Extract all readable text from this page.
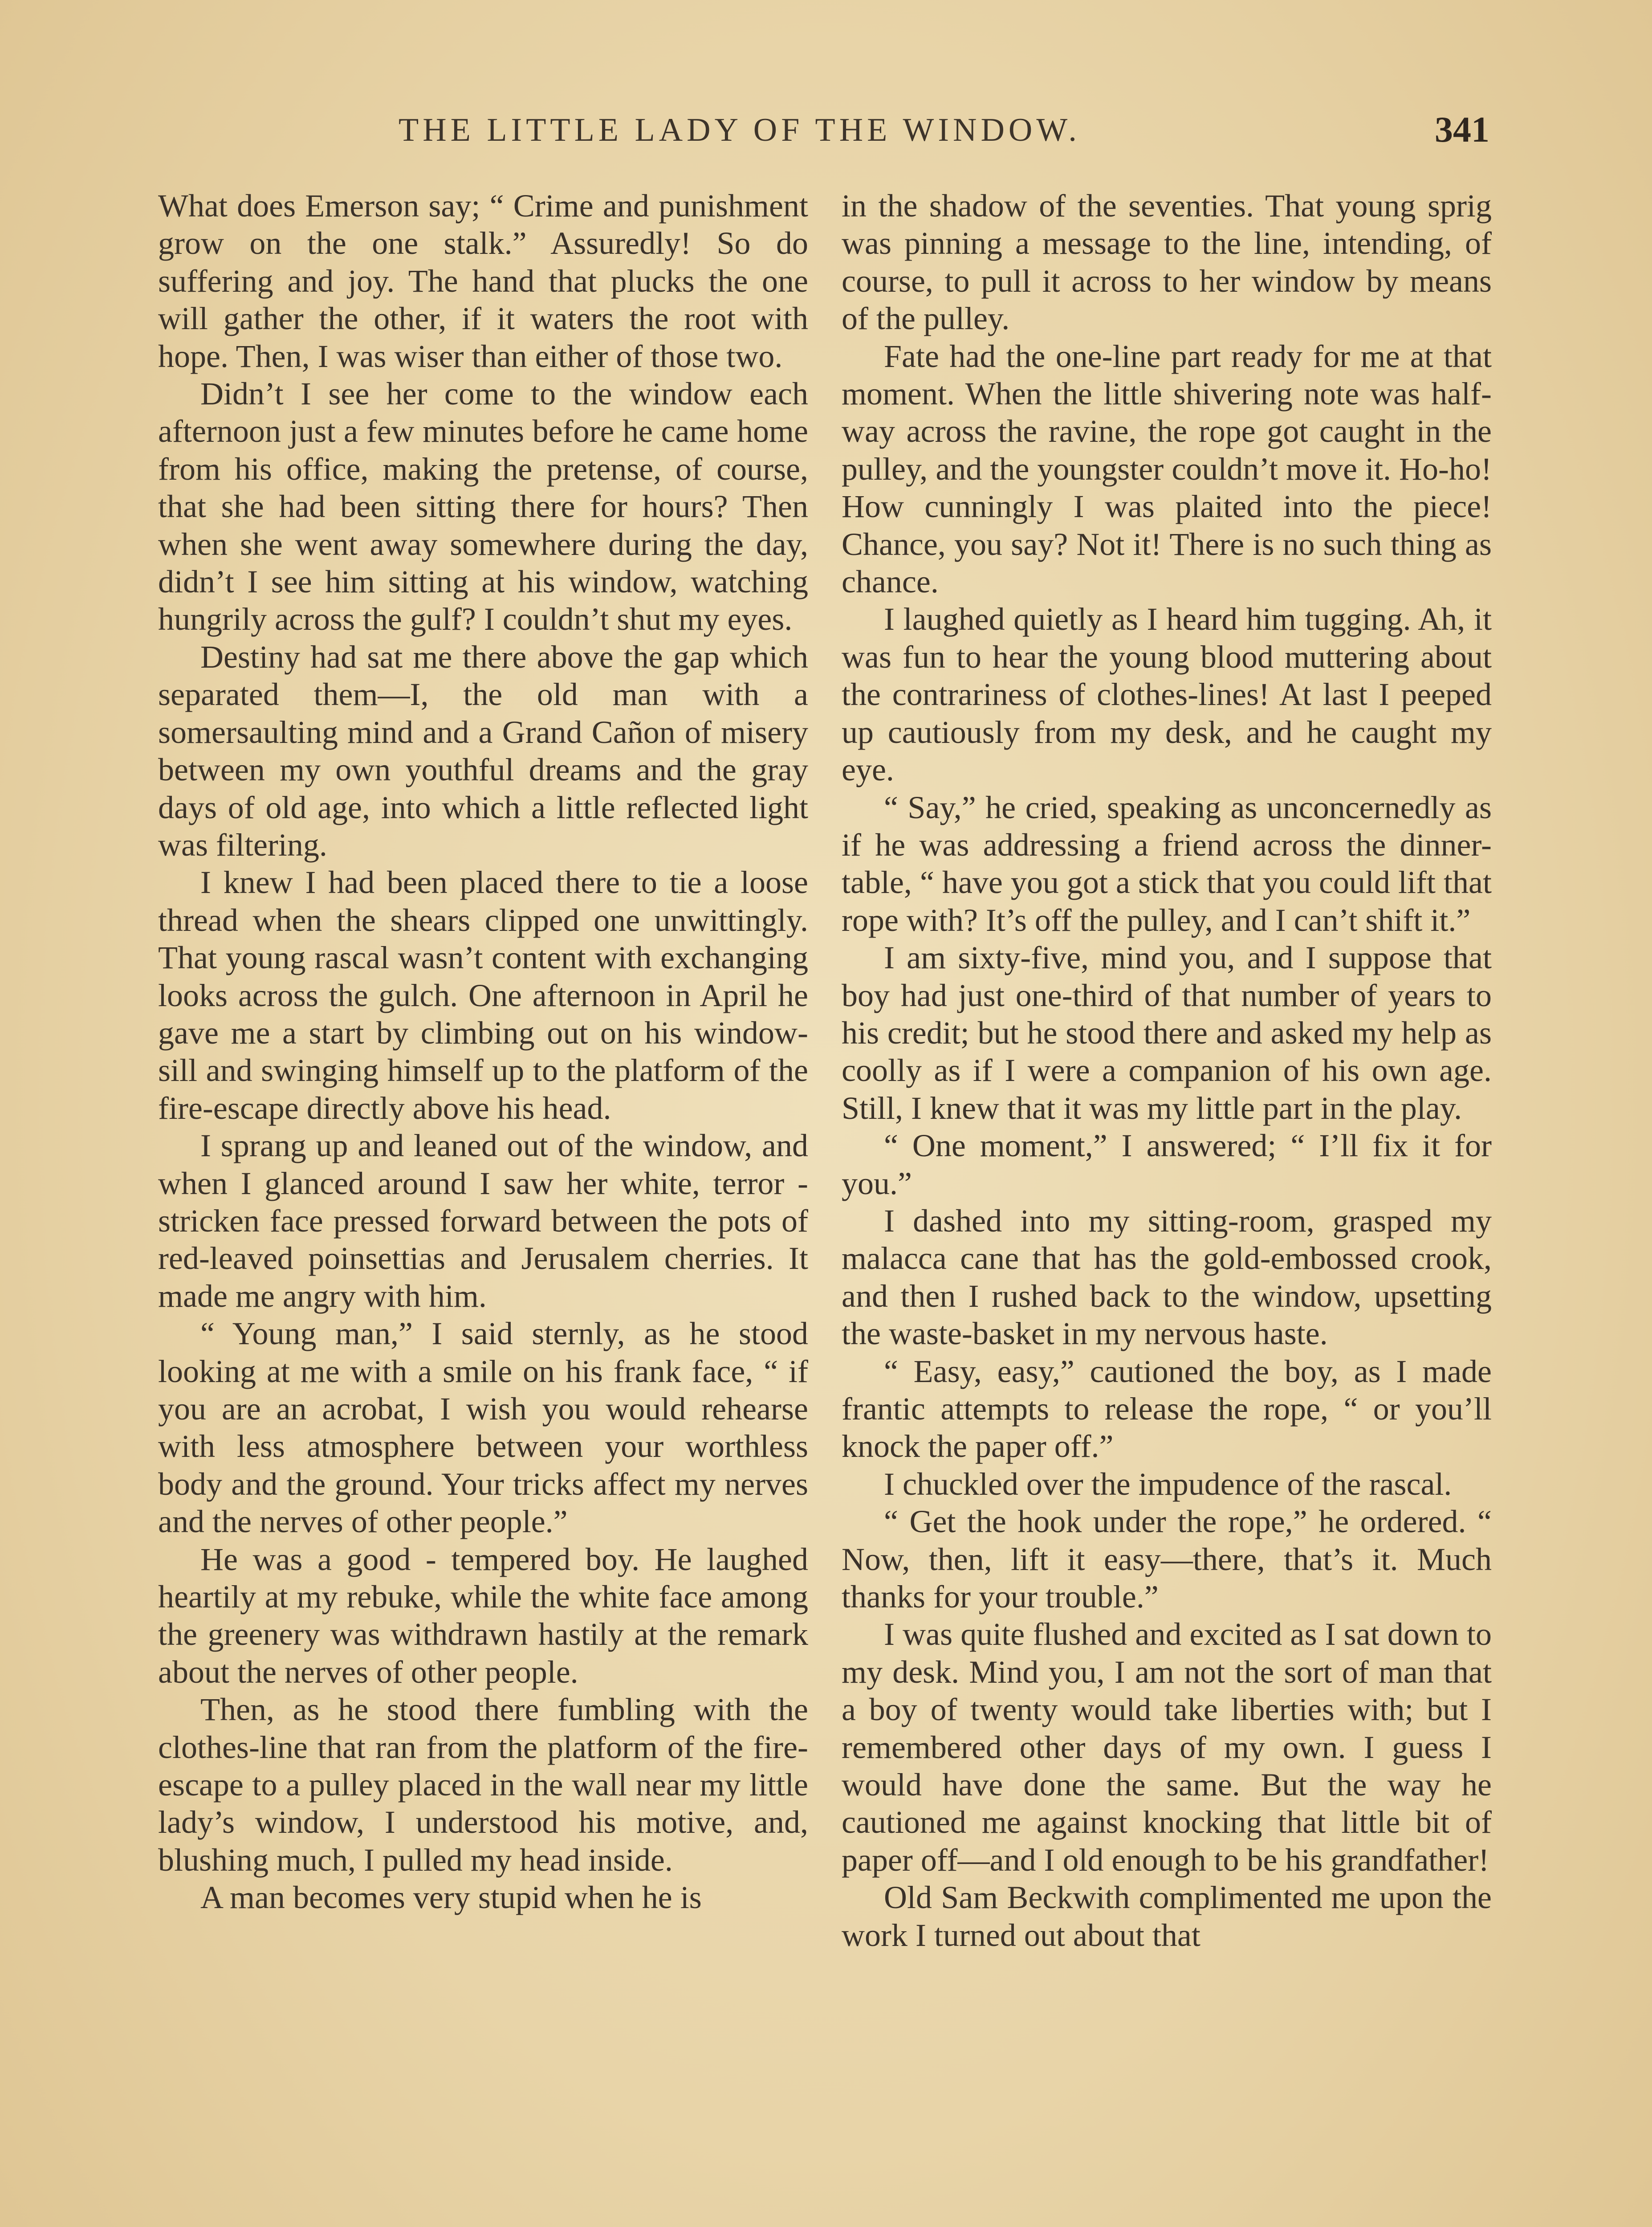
THE LITTLE LADY OF THE WINDOW.	341

What does Emerson say; “ Crime and punishment grow on the one stalk.” Assuredly! So do suffering and joy. The hand that plucks the one will gather the other, if it waters the root with hope. Then, I was wiser than either of those two.

Didn’t I see her come to the window each afternoon just a few minutes before he came home from his office, making the pretense, of course, that she had been sitting there for hours? Then when she went away somewhere during the day, didn’t I see him sitting at his window, watching hungrily across the gulf? I couldn’t shut my eyes.

Destiny had sat me there above the gap which separated them—I, the old man with a somersaulting mind and a Grand Cañon of misery between my own youthful dreams and the gray days of old age, into which a little reflected light was filtering.

I knew I had been placed there to tie a loose thread when the shears clipped one unwittingly. That young rascal wasn’t content with exchanging looks across the gulch. One afternoon in April he gave me a start by climbing out on his window-sill and swinging himself up to the platform of the fire-escape directly above his head.

I sprang up and leaned out of the window, and when I glanced around I saw her white, terror - stricken face pressed forward between the pots of red-leaved poinsettias and Jerusalem cherries. It made me angry with him.

“ Young man,” I said sternly, as he stood looking at me with a smile on his frank face, “ if you are an acrobat, I wish you would rehearse with less atmosphere between your worthless body and the ground. Your tricks affect my nerves and the nerves of other people.”

He was a good - tempered boy. He laughed heartily at my rebuke, while the white face among the greenery was withdrawn hastily at the remark about the nerves of other people.

Then, as he stood there fumbling with the clothes-line that ran from the platform of the fire-escape to a pulley placed in the wall near my little lady’s window, I understood his motive, and, blushing much, I pulled my head inside.

A man becomes very stupid when he is

in the shadow of the seventies. That young sprig was pinning a message to the line, intending, of course, to pull it across to her window by means of the pulley.

Fate had the one-line part ready for me at that moment. When the little shivering note was half-way across the ravine, the rope got caught in the pulley, and the youngster couldn’t move it. Ho-ho! How cunningly I was plaited into the piece! Chance, you say? Not it! There is no such thing as chance.

I laughed quietly as I heard him tugging. Ah, it was fun to hear the young blood muttering about the contrariness of clothes-lines! At last I peeped up cautiously from my desk, and he caught my eye.

“ Say,” he cried, speaking as unconcernedly as if he was addressing a friend across the dinner-table, “ have you got a stick that you could lift that rope with? It’s off the pulley, and I can’t shift it.”

I am sixty-five, mind you, and I suppose that boy had just one-third of that number of years to his credit; but he stood there and asked my help as coolly as if I were a companion of his own age. Still, I knew that it was my little part in the play.

“ One moment,” I answered; “ I’ll fix it for you.”

I dashed into my sitting-room, grasped my malacca cane that has the gold-embossed crook, and then I rushed back to the window, upsetting the waste-basket in my nervous haste.

“ Easy, easy,” cautioned the boy, as I made frantic attempts to release the rope, “ or you’ll knock the paper off.”

I chuckled over the impudence of the rascal.

“ Get the hook under the rope,” he ordered. “ Now, then, lift it easy—there, that’s it. Much thanks for your trouble.”

I was quite flushed and excited as I sat down to my desk. Mind you, I am not the sort of man that a boy of twenty would take liberties with; but I remembered other days of my own. I guess I would have done the same. But the way he cautioned me against knocking that little bit of paper off—and I old enough to be his grandfather!

Old Sam Beckwith complimented me upon the work I turned out about that
